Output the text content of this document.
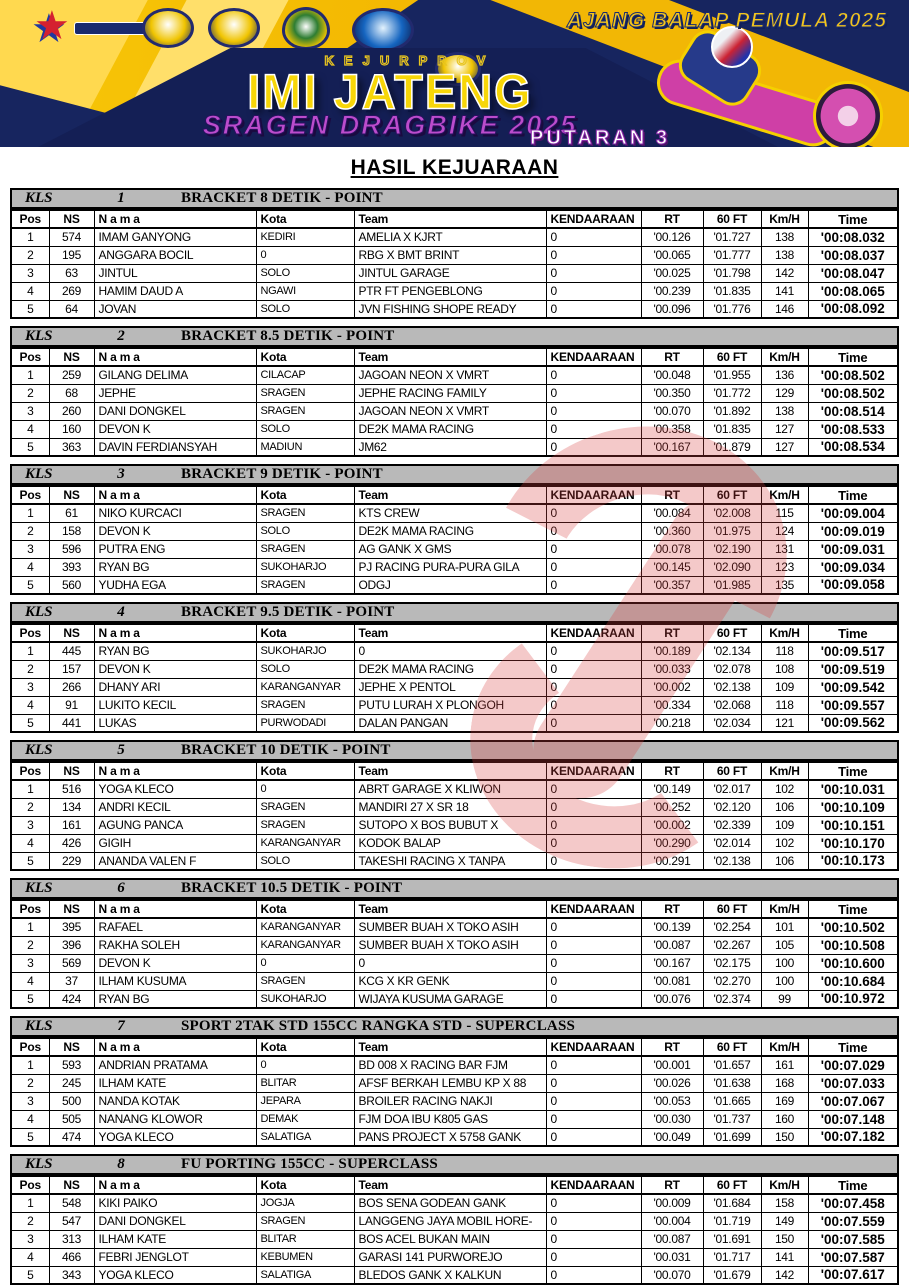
★	AJANG BALAP PEMULA 2025
KEJURPROV
IMI JATENG
SRAGEN DRAGBIKE 2025
PUTARAN 3
HASIL KEJUARAAN
KLS	1	BRACKET 8 DETIK - POINT
Pos	NS	N a m a	Kota	Team	KENDAARAAN	RT	60 FT	Km/H	Time
1	574	IMAM GANYONG	KEDIRI	AMELIA X KJRT	0	'00.126	'01.727	138	'00:08.032
2	195	ANGGARA BOCIL	0	RBG X BMT BRINT	0	'00.065	'01.777	138	'00:08.037
3	63	JINTUL	SOLO	JINTUL GARAGE	0	'00.025	'01.798	142	'00:08.047
4	269	HAMIM DAUD A	NGAWI	PTR FT PENGEBLONG	0	'00.239	'01.835	141	'00:08.065
5	64	JOVAN	SOLO	JVN FISHING SHOPE READY	0	'00.096	'01.776	146	'00:08.092
KLS	2	BRACKET 8.5 DETIK - POINT
Pos	NS	N a m a	Kota	Team	KENDAARAAN	RT	60 FT	Km/H	Time
1	259	GILANG DELIMA	CILACAP	JAGOAN NEON X VMRT	0	'00.048	'01.955	136	'00:08.502
2	68	JEPHE	SRAGEN	JEPHE RACING FAMILY	0	'00.350	'01.772	129	'00:08.502
3	260	DANI DONGKEL	SRAGEN	JAGOAN NEON X VMRT	0	'00.070	'01.892	138	'00:08.514
4	160	DEVON K	SOLO	DE2K MAMA RACING	0	'00.358	'01.835	127	'00:08.533
5	363	DAVIN FERDIANSYAH	MADIUN	JM62	0	'00.167	'01.879	127	'00:08.534
KLS	3	BRACKET 9 DETIK - POINT
Pos	NS	N a m a	Kota	Team	KENDAARAAN	RT	60 FT	Km/H	Time
1	61	NIKO KURCACI	SRAGEN	KTS CREW	0	'00.084	'02.008	115	'00:09.004
2	158	DEVON K	SOLO	DE2K MAMA RACING	0	'00.360	'01.975	124	'00:09.019
3	596	PUTRA ENG	SRAGEN	AG GANK X GMS	0	'00.078	'02.190	131	'00:09.031
4	393	RYAN BG	SUKOHARJO	PJ RACING PURA-PURA GILA	0	'00.145	'02.090	123	'00:09.034
5	560	YUDHA EGA	SRAGEN	ODGJ	0	'00.357	'01.985	135	'00:09.058
KLS	4	BRACKET 9.5 DETIK - POINT
Pos	NS	N a m a	Kota	Team	KENDAARAAN	RT	60 FT	Km/H	Time
1	445	RYAN BG	SUKOHARJO	0	0	'00.189	'02.134	118	'00:09.517
2	157	DEVON K	SOLO	DE2K MAMA RACING	0	'00.033	'02.078	108	'00:09.519
3	266	DHANY ARI	KARANGANYAR	JEPHE X PENTOL	0	'00.002	'02.138	109	'00:09.542
4	91	LUKITO KECIL	SRAGEN	PUTU LURAH X PLONGOH	0	'00.334	'02.068	118	'00:09.557
5	441	LUKAS	PURWODADI	DALAN PANGAN	0	'00.218	'02.034	121	'00:09.562
KLS	5	BRACKET 10 DETIK - POINT
Pos	NS	N a m a	Kota	Team	KENDAARAAN	RT	60 FT	Km/H	Time
1	516	YOGA KLECO	0	ABRT GARAGE X KLIWON	0	'00.149	'02.017	102	'00:10.031
2	134	ANDRI KECIL	SRAGEN	MANDIRI 27 X SR 18	0	'00.252	'02.120	106	'00:10.109
3	161	AGUNG PANCA	SRAGEN	SUTOPO X BOS BUBUT X	0	'00.002	'02.339	109	'00:10.151
4	426	GIGIH	KARANGANYAR	KODOK BALAP	0	'00.290	'02.014	102	'00:10.170
5	229	ANANDA VALEN F	SOLO	TAKESHI RACING X TANPA	0	'00.291	'02.138	106	'00:10.173
KLS	6	BRACKET 10.5 DETIK - POINT
Pos	NS	N a m a	Kota	Team	KENDAARAAN	RT	60 FT	Km/H	Time
1	395	RAFAEL	KARANGANYAR	SUMBER BUAH X TOKO ASIH	0	'00.139	'02.254	101	'00:10.502
2	396	RAKHA SOLEH	KARANGANYAR	SUMBER BUAH X TOKO ASIH	0	'00.087	'02.267	105	'00:10.508
3	569	DEVON K	0	0	0	'00.167	'02.175	100	'00:10.600
4	37	ILHAM KUSUMA	SRAGEN	KCG X KR GENK	0	'00.081	'02.270	100	'00:10.684
5	424	RYAN BG	SUKOHARJO	WIJAYA KUSUMA GARAGE	0	'00.076	'02.374	99	'00:10.972
KLS	7	SPORT 2TAK STD 155CC RANGKA STD - SUPERCLASS
Pos	NS	N a m a	Kota	Team	KENDAARAAN	RT	60 FT	Km/H	Time
1	593	ANDRIAN PRATAMA	0	BD 008 X RACING BAR FJM	0	'00.001	'01.657	161	'00:07.029
2	245	ILHAM KATE	BLITAR	AFSF BERKAH LEMBU KP X 88	0	'00.026	'01.638	168	'00:07.033
3	500	NANDA KOTAK	JEPARA	BROILER RACING NAKJI	0	'00.053	'01.665	169	'00:07.067
4	505	NANANG KLOWOR	DEMAK	FJM DOA IBU K805 GAS	0	'00.030	'01.737	160	'00:07.148
5	474	YOGA KLECO	SALATIGA	PANS PROJECT X 5758 GANK	0	'00.049	'01.699	150	'00:07.182
KLS	8	FU PORTING 155CC - SUPERCLASS
Pos	NS	N a m a	Kota	Team	KENDAARAAN	RT	60 FT	Km/H	Time
1	548	KIKI PAIKO	JOGJA	BOS SENA GODEAN GANK	0	'00.009	'01.684	158	'00:07.458
2	547	DANI DONGKEL	SRAGEN	LANGGENG JAYA MOBIL HORE-	0	'00.004	'01.719	149	'00:07.559
3	313	ILHAM KATE	BLITAR	BOS ACEL BUKAN MAIN	0	'00.087	'01.691	150	'00:07.585
4	466	FEBRI JENGLOT	KEBUMEN	GARASI 141 PURWOREJO	0	'00.031	'01.717	141	'00:07.587
5	343	YOGA KLECO	SALATIGA	BLEDOS GANK X KALKUN	0	'00.070	'01.679	142	'00:07.617
